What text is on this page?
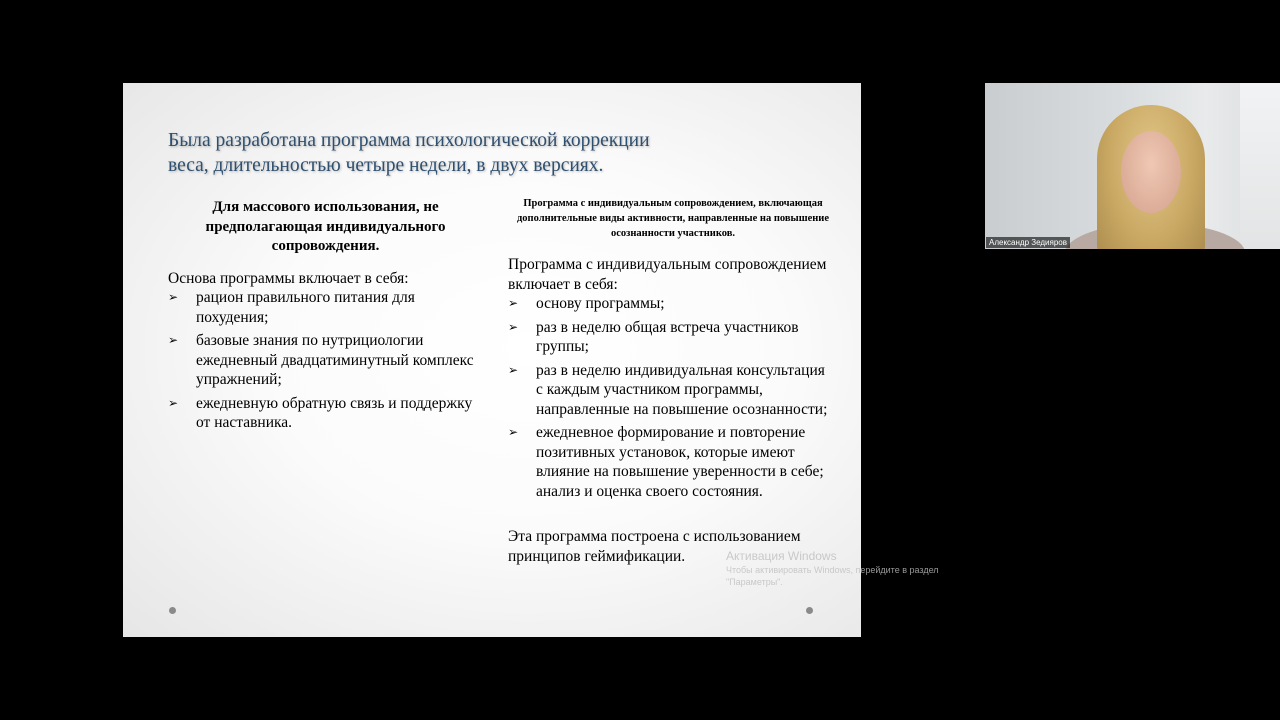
Была разработана программа психологической коррекции
веса, длительностью четыре недели, в двух версиях.
Для массового использования, не предполагающая индивидуального сопровождения.
Основа программы включает в себя:
➢ рацион правильного питания для похудения;
➢ базовые знания по нутрициологии ежедневный двадцатиминутный комплекс упражнений;
➢ ежедневную обратную связь и поддержку от наставника.
Программа с индивидуальным сопровождением, включающая дополнительные виды активности, направленные на повышение осознанности участников.
Программа с индивидуальным сопровождением включает в себя:
➢ основу программы;
➢ раз в неделю общая встреча участников группы;
➢ раз в неделю индивидуальная консультация с каждым участником программы, направленные на повышение осознанности;
➢ ежедневное формирование и повторение позитивных установок, которые имеют влияние на повышение уверенности в себе; анализ и оценка своего состояния.
Эта программа построена с использованием принципов геймификации.
Александр Зедияров
Активация Windows
Чтобы активировать Windows, перейдите в раздел "Параметры".
